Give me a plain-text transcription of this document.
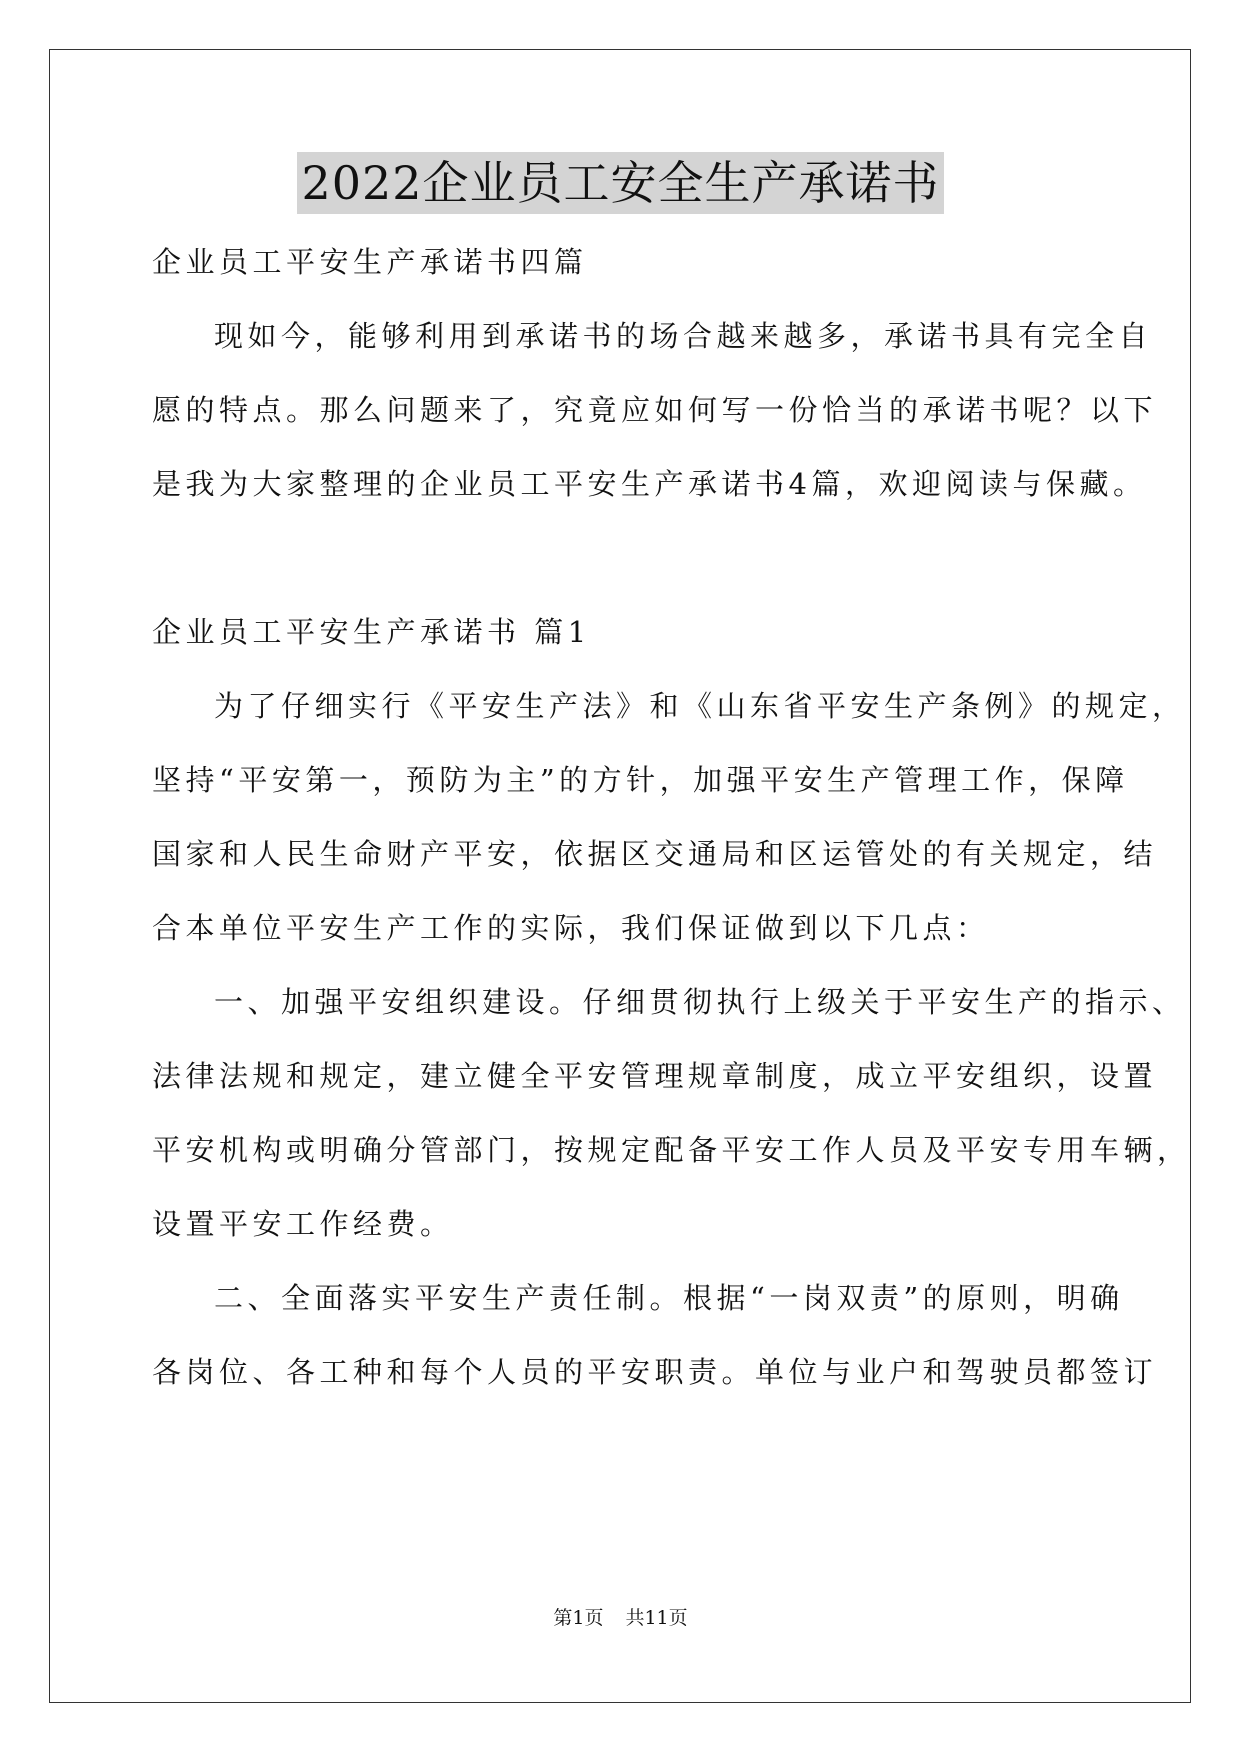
2022企业员工安全生产承诺书
企业员工平安生产承诺书四篇
现如今，能够利用到承诺书的场合越来越多，承诺书具有完全自
愿的特点。那么问题来了，究竟应如何写一份恰当的承诺书呢？以下
是我为大家整理的企业员工平安生产承诺书4篇，欢迎阅读与保藏。
企业员工平安生产承诺书 篇1
为了仔细实行《平安生产法》和《山东省平安生产条例》的规定，
坚持“平安第一，预防为主”的方针，加强平安生产管理工作，保障
国家和人民生命财产平安，依据区交通局和区运管处的有关规定，结
合本单位平安生产工作的实际，我们保证做到以下几点：
一、加强平安组织建设。仔细贯彻执行上级关于平安生产的指示、
法律法规和规定，建立健全平安管理规章制度，成立平安组织，设置
平安机构或明确分管部门，按规定配备平安工作人员及平安专用车辆，
设置平安工作经费。
二、全面落实平安生产责任制。根据“一岗双责”的原则，明确
各岗位、各工种和每个人员的平安职责。单位与业户和驾驶员都签订
第1页 共11页
